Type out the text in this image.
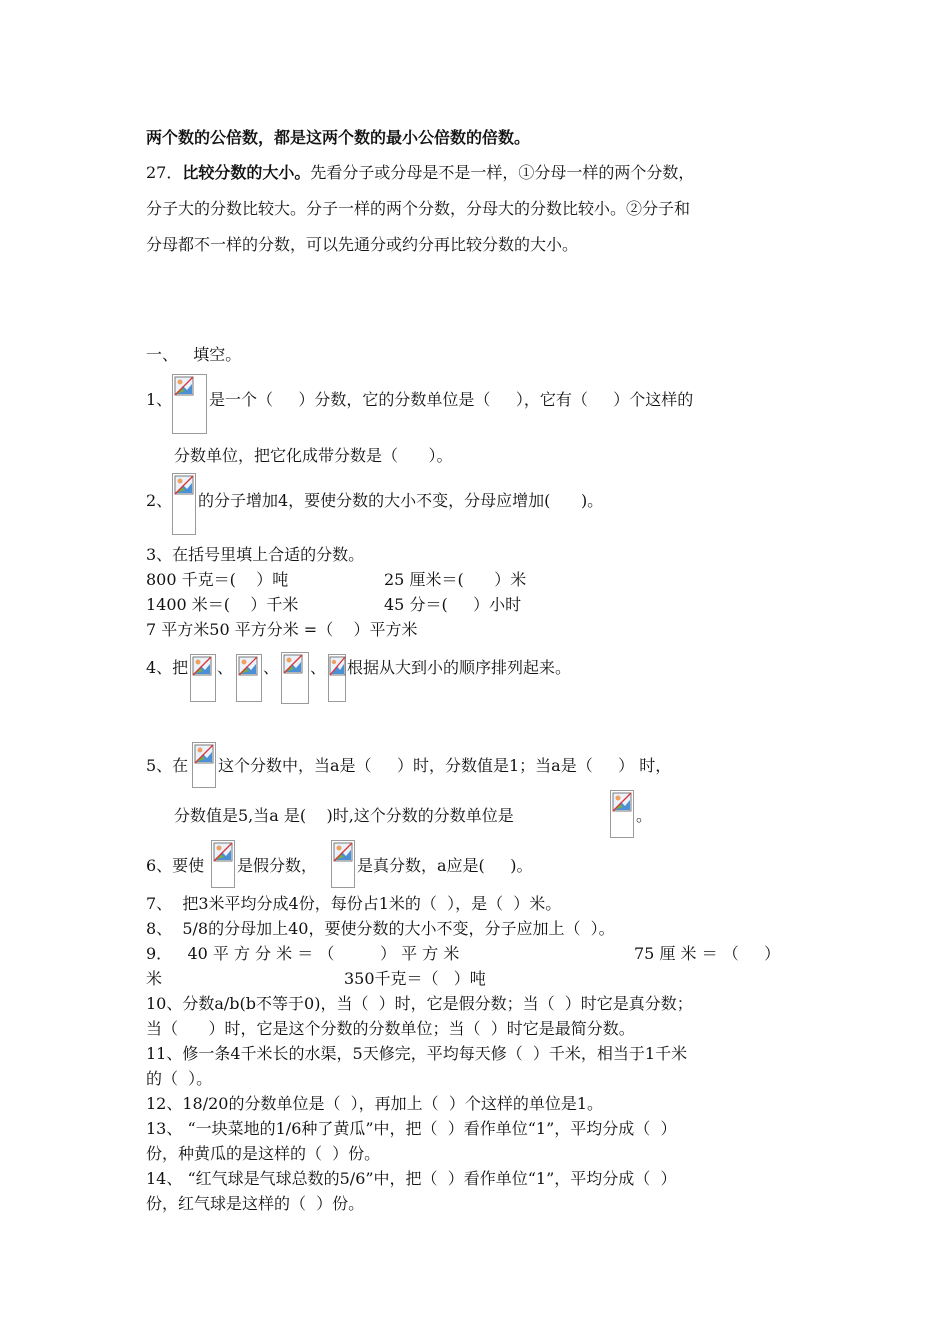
两个数的公倍数，都是这两个数的最小公倍数的倍数。
27．比较分数的大小。先看分子或分母是不是一样，①分母一样的两个分数，
分子大的分数比较大。分子一样的两个分数，分母大的分数比较小。②分子和
分母都不一样的分数，可以先通分或约分再比较分数的大小。
一、   填空。
1、 是一个（     ）分数，它的分数单位是（     ），它有（     ）个这样的
分数单位，把它化成带分数是（      ）。
2、 的分子增加4，要使分数的大小不变，分母应增加(      )。
3、在括号里填上合适的分数。
800 千克＝(    ）吨	25 厘米＝(      ）米
1400 米＝(    ）千米	45 分＝(     ）小时
7 平方米50 平方分米 =（    ）平方米
4、把 、 、 、 根据从大到小的顺序排列起来。
5、在 这个分数中，当a是（     ）时，分数值是1；当a是（     ） 时，
分数值是5,当a 是(    )时,这个分数的分数单位是	。
6、要使 是假分数， 是真分数，a应是(     )。
7、  把3米平均分成4份，每份占1米的（  ），是（  ）米。
8、  5/8的分母加上40，要使分数的大小不变，分子应加上（  ）。
9．   40 平 方 分 米 ＝ （         ） 平 方 米	75 厘 米 ＝ （     ）
米	350千克＝（   ）吨
10、分数a/b(b不等于0)，当（  ）时，它是假分数；当（  ）时它是真分数；
当（      ）时，它是这个分数的分数单位；当（  ）时它是最简分数。
11、修一条4千米长的水渠，5天修完，平均每天修（  ）千米，相当于1千米
的（  ）。
12、18/20的分数单位是（  ），再加上（  ）个这样的单位是1。
13、 “一块菜地的1/6种了黄瓜”中，把（  ）看作单位“1”，平均分成（  ）
份，种黄瓜的是这样的（  ）份。
14、 “红气球是气球总数的5/6”中，把（  ）看作单位“1”，平均分成（  ）
份，红气球是这样的（  ）份。
